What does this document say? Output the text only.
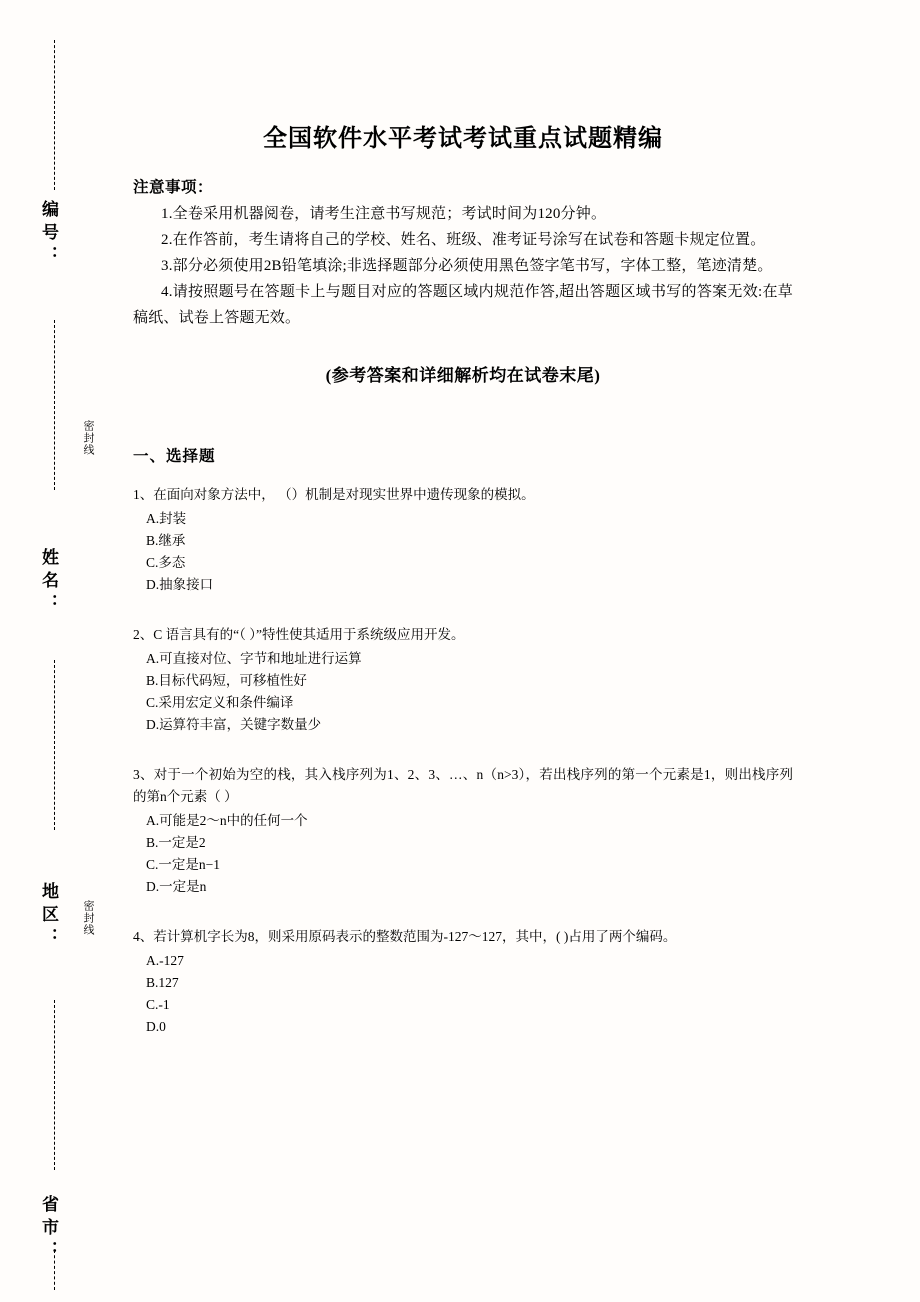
编号：
姓名：
地区：
省市：
密封线
密封线
全国软件水平考试考试重点试题精编

注意事项：

1.全卷采用机器阅卷，请考生注意书写规范；考试时间为120分钟。

2.在作答前，考生请将自己的学校、姓名、班级、准考证号涂写在试卷和答题卡规定位置。

3.部分必须使用2B铅笔填涂;非选择题部分必须使用黑色签字笔书写，字体工整，笔迹清楚。

4.请按照题号在答题卡上与题目对应的答题区域内规范作答,超出答题区域书写的答案无效:在草稿纸、试卷上答题无效。

(参考答案和详细解析均在试卷末尾)

一、选择题

1、在面向对象方法中， （）机制是对现实世界中遗传现象的模拟。

A.封装

B.继承

C.多态

D.抽象接口

2、C 语言具有的“（ ）”特性使其适用于系统级应用开发。

A.可直接对位、字节和地址进行运算

B.目标代码短，可移植性好

C.采用宏定义和条件编译

D.运算符丰富，关键字数量少

3、对于一个初始为空的栈，其入栈序列为1、2、3、…、n（n>3），若出栈序列的第一个元素是1，则出栈序列的第n个元素（ ）

A.可能是2～n中的任何一个

B.一定是2

C.一定是n−1

D.一定是n

4、若计算机字长为8，则采用原码表示的整数范围为-127～127，其中，( )占用了两个编码。

A.-127

B.127

C.-1

D.0
